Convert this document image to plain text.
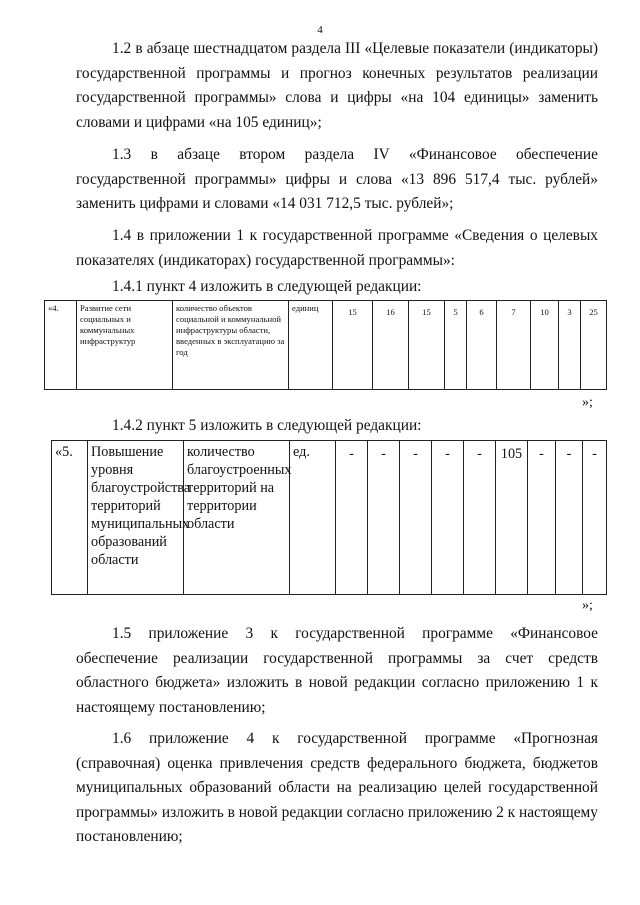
4

1.2 в абзаце шестнадцатом раздела III «Целевые показатели (индикаторы) государственной программы и прогноз конечных результатов реализации государственной программы» слова и цифры «на 104 единицы» заменить словами и цифрами «на 105 единиц»;

1.3 в абзаце втором раздела IV «Финансовое обеспечение государственной программы» цифры и слова «13 896 517,4 тыс. рублей» заменить цифрами и словами «14 031 712,5 тыс. рублей»;

1.4 в приложении 1 к государственной программе «Сведения о целевых показателях (индикаторах) государственной программы»:

1.4.1 пункт 4 изложить в следующей редакции:

«4.	Развитие сети социальных и коммунальных инфраструктур	количество объектов социальной и коммунальной инфраструктуры области, введенных в эксплуатацию за год	единиц	15	16	15	5	6	7	10	3	25
»;

1.4.2 пункт 5 изложить в следующей редакции:

«5.	Повышение уровня благоустройства территорий муниципальных образований области	количество благоустроенных территорий на территории области	ед.	-	-	-	-	-	105	-	-	-
»;

1.5 приложение 3 к государственной программе «Финансовое обеспечение реализации государственной программы за счет средств областного бюджета» изложить в новой редакции согласно приложению 1 к настоящему постановлению;

1.6 приложение 4 к государственной программе «Прогнозная (справочная) оценка привлечения средств федерального бюджета, бюджетов муниципальных образований области на реализацию целей государственной программы» изложить в новой редакции согласно приложению 2 к настоящему постановлению;
